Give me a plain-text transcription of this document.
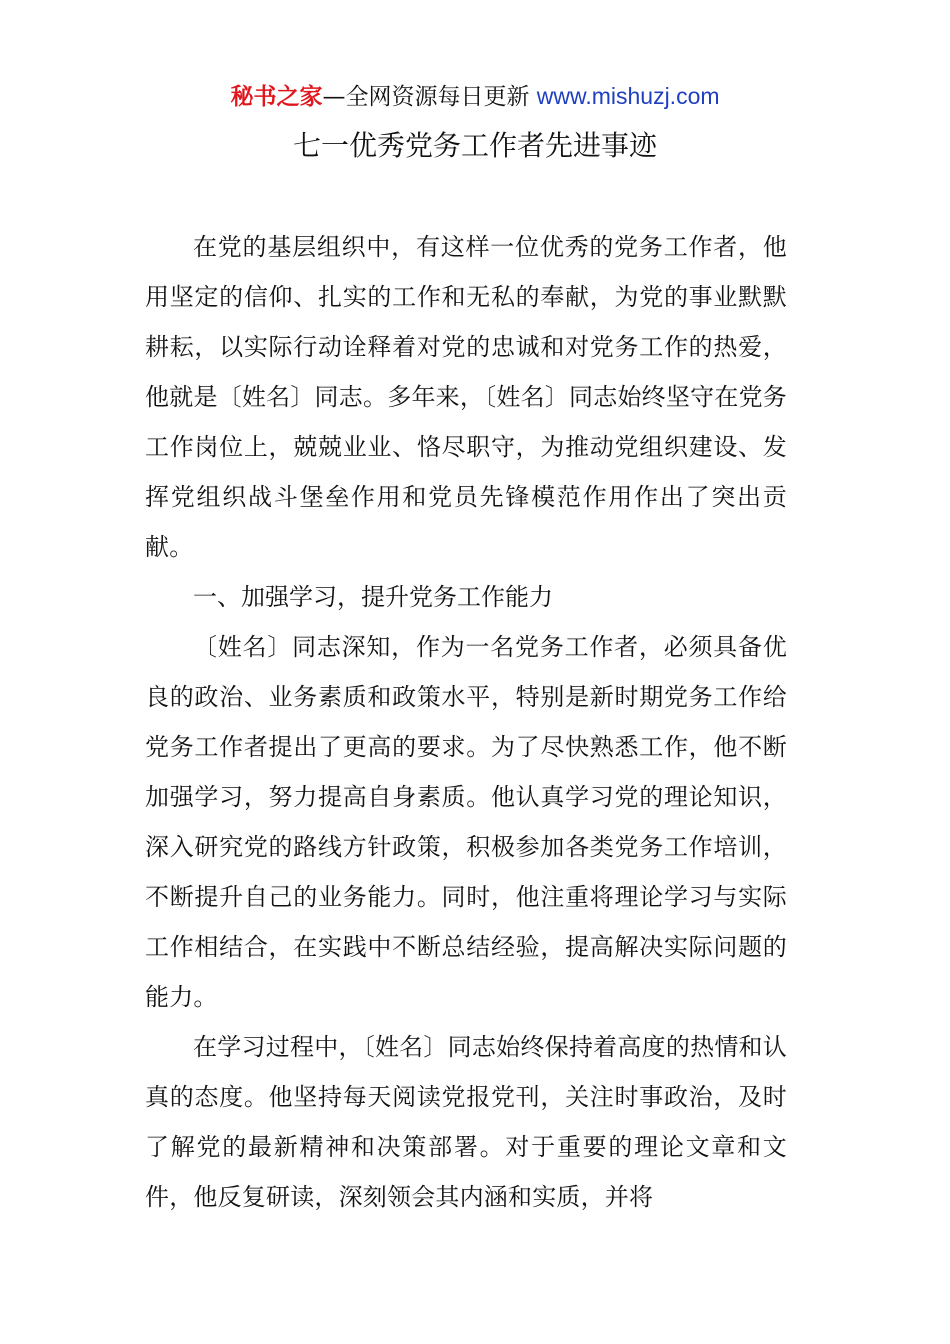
秘书之家—全网资源每日更新 www.mishuzj.com
七一优秀党务工作者先进事迹

在党的基层组织中，有这样一位优秀的党务工作者，他用坚定的信仰、扎实的工作和无私的奉献，为党的事业默默耕耘，以实际行动诠释着对党的忠诚和对党务工作的热爱，他就是〔姓名〕同志。多年来，〔姓名〕同志始终坚守在党务工作岗位上，兢兢业业、恪尽职守，为推动党组织建设、发挥党组织战斗堡垒作用和党员先锋模范作用作出了突出贡献。

一、加强学习，提升党务工作能力

〔姓名〕同志深知，作为一名党务工作者，必须具备优良的政治、业务素质和政策水平，特别是新时期党务工作给党务工作者提出了更高的要求。为了尽快熟悉工作，他不断加强学习，努力提高自身素质。他认真学习党的理论知识，深入研究党的路线方针政策，积极参加各类党务工作培训，不断提升自己的业务能力。同时，他注重将理论学习与实际工作相结合，在实践中不断总结经验，提高解决实际问题的能力。

在学习过程中，〔姓名〕同志始终保持着高度的热情和认真的态度。他坚持每天阅读党报党刊，关注时事政治，及时了解党的最新精神和决策部署。对于重要的理论文章和文件，他反复研读，深刻领会其内涵和实质，并将
